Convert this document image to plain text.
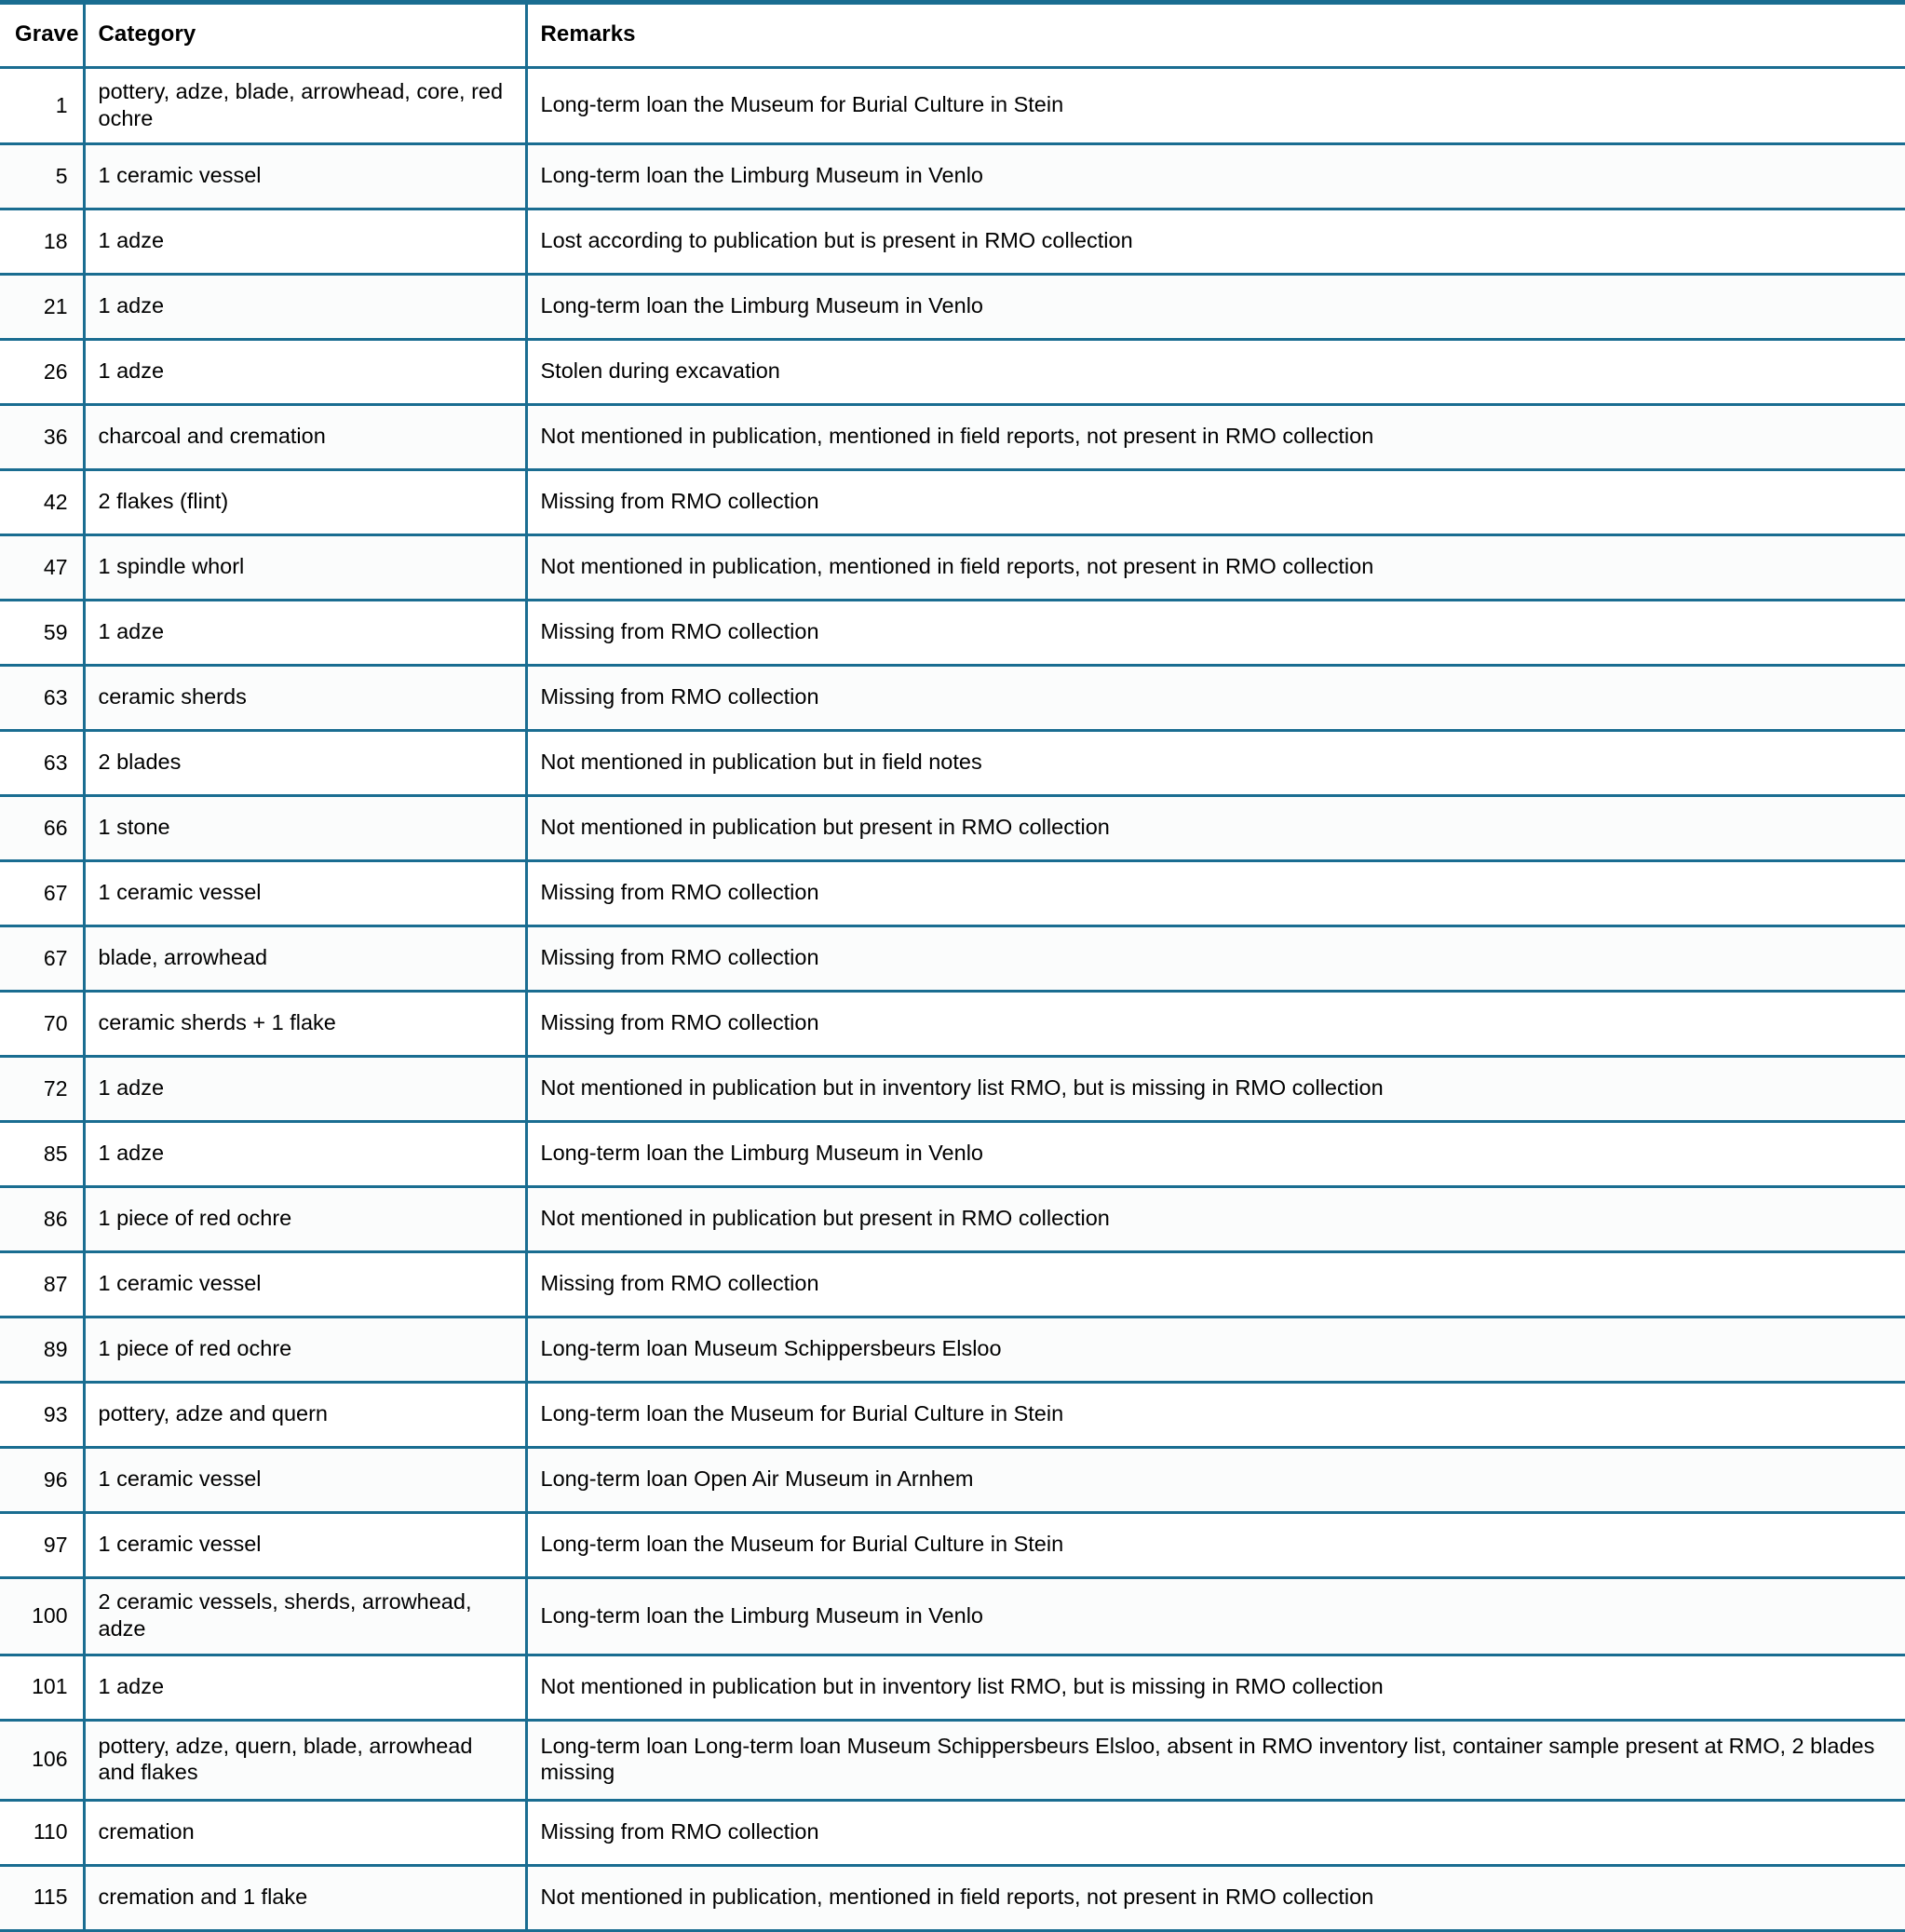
Grave	Category	Remarks
1	pottery, adze, blade, arrowhead, core, red ochre	Long-term loan the Museum for Burial Culture in Stein
5	1 ceramic vessel	Long-term loan the Limburg Museum in Venlo
18	1 adze	Lost according to publication but is present in RMO collection
21	1 adze	Long-term loan the Limburg Museum in Venlo
26	1 adze	Stolen during excavation
36	charcoal and cremation	Not mentioned in publication, mentioned in field reports, not present in RMO collection
42	2 flakes (flint)	Missing from RMO collection
47	1 spindle whorl	Not mentioned in publication, mentioned in field reports, not present in RMO collection
59	1 adze	Missing from RMO collection
63	ceramic sherds	Missing from RMO collection
63	2 blades	Not mentioned in publication but in field notes
66	1 stone	Not mentioned in publication but present in RMO collection
67	1 ceramic vessel	Missing from RMO collection
67	blade, arrowhead	Missing from RMO collection
70	ceramic sherds + 1 flake	Missing from RMO collection
72	1 adze	Not mentioned in publication but in inventory list RMO, but is missing in RMO collection
85	1 adze	Long-term loan the Limburg Museum in Venlo
86	1 piece of red ochre	Not mentioned in publication but present in RMO collection
87	1 ceramic vessel	Missing from RMO collection
89	1 piece of red ochre	Long-term loan Museum Schippersbeurs Elsloo
93	pottery, adze and quern	Long-term loan the Museum for Burial Culture in Stein
96	1 ceramic vessel	Long-term loan Open Air Museum in Arnhem
97	1 ceramic vessel	Long-term loan the Museum for Burial Culture in Stein
100	2 ceramic vessels, sherds, arrowhead, adze	Long-term loan the Limburg Museum in Venlo
101	1 adze	Not mentioned in publication but in inventory list RMO, but is missing in RMO collection
106	pottery, adze, quern, blade, arrowhead and flakes	Long-term loan Long-term loan Museum Schippersbeurs Elsloo, absent in RMO inventory list, container sample present at RMO, 2 blades missing
110	cremation	Missing from RMO collection
115	cremation and 1 flake	Not mentioned in publication, mentioned in field reports, not present in RMO collection
